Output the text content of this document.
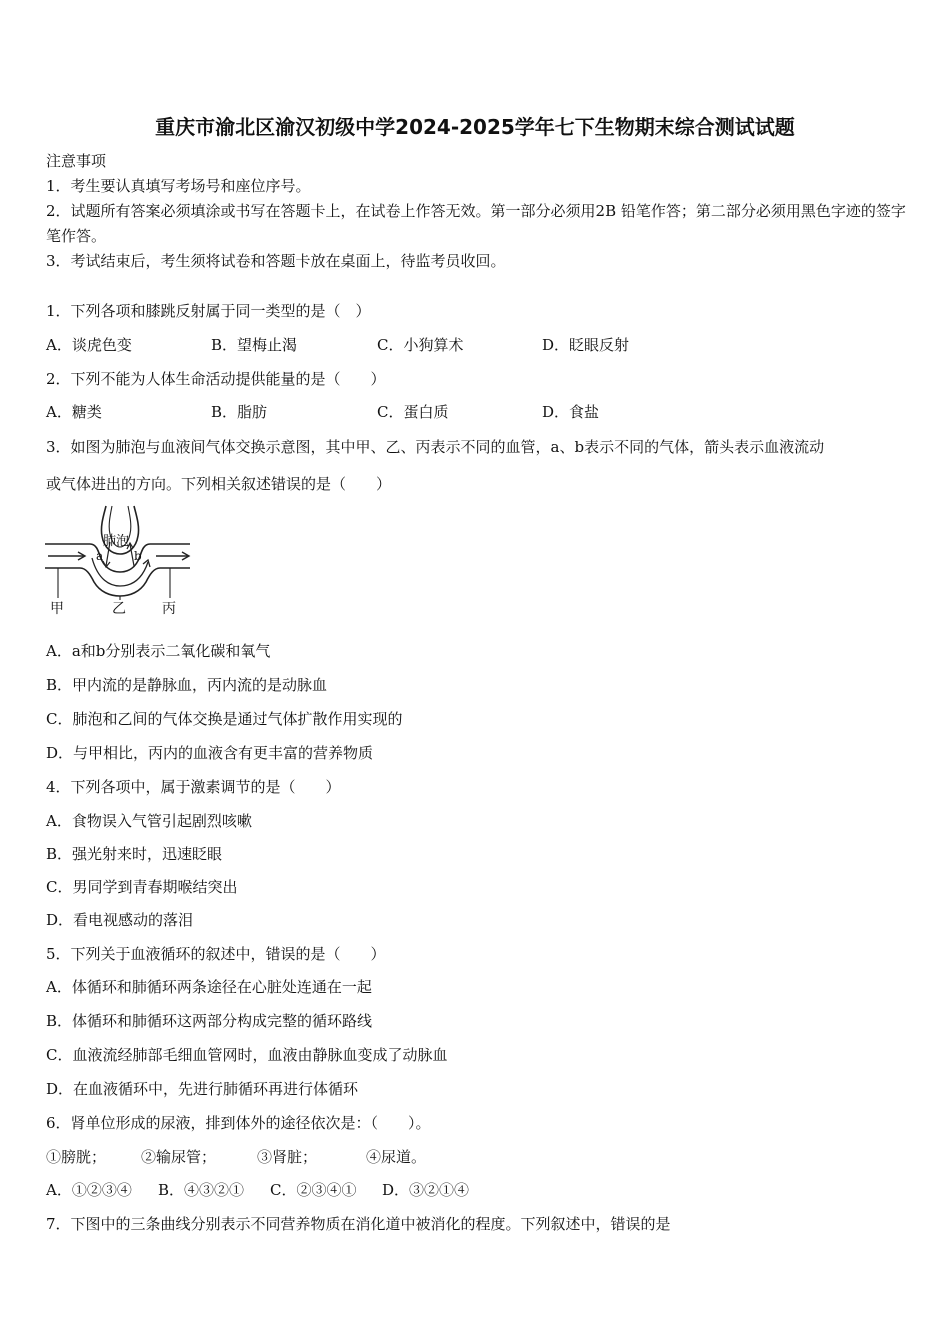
重庆市渝北区渝汉初级中学2024-2025学年七下生物期末综合测试试题
注意事项
1．考生要认真填写考场号和座位序号。
2．试题所有答案必须填涂或书写在答题卡上，在试卷上作答无效。第一部分必须用2B 铅笔作答；第二部分必须用黑色字迹的签字笔作答。
3．考试结束后，考生须将试卷和答题卡放在桌面上，待监考员收回。
1．下列各项和膝跳反射属于同一类型的是（　）
A．谈虎色变	B．望梅止渴	C．小狗算术	D．眨眼反射
2．下列不能为人体生命活动提供能量的是（　　）
A．糖类	B．脂肪	C．蛋白质	D．食盐
3．如图为肺泡与血液间气体交换示意图，其中甲、乙、丙表示不同的血管，a、b表示不同的气体，箭头表示血液流动
或气体进出的方向。下列相关叙述错误的是（　　）
肺泡
a	b
甲	乙	丙
A．a和b分别表示二氧化碳和氧气
B．甲内流的是静脉血，丙内流的是动脉血
C．肺泡和乙间的气体交换是通过气体扩散作用实现的
D．与甲相比，丙内的血液含有更丰富的营养物质
4．下列各项中，属于激素调节的是（　　）
A．食物误入气管引起剧烈咳嗽
B．强光射来时，迅速眨眼
C．男同学到青春期喉结突出
D．看电视感动的落泪
5．下列关于血液循环的叙述中，错误的是（　　）
A．体循环和肺循环两条途径在心脏处连通在一起
B．体循环和肺循环这两部分构成完整的循环路线
C．血液流经肺部毛细血管网时，血液由静脉血变成了动脉血
D．在血液循环中，先进行肺循环再进行体循环
6．肾单位形成的尿液，排到体外的途径依次是：（　　）。
①膀胱； ②输尿管；	③肾脏；	④尿道。
A．①②③④ B．④③②① C．②③④① D．③②①④
7．下图中的三条曲线分别表示不同营养物质在消化道中被消化的程度。下列叙述中，错误的是
